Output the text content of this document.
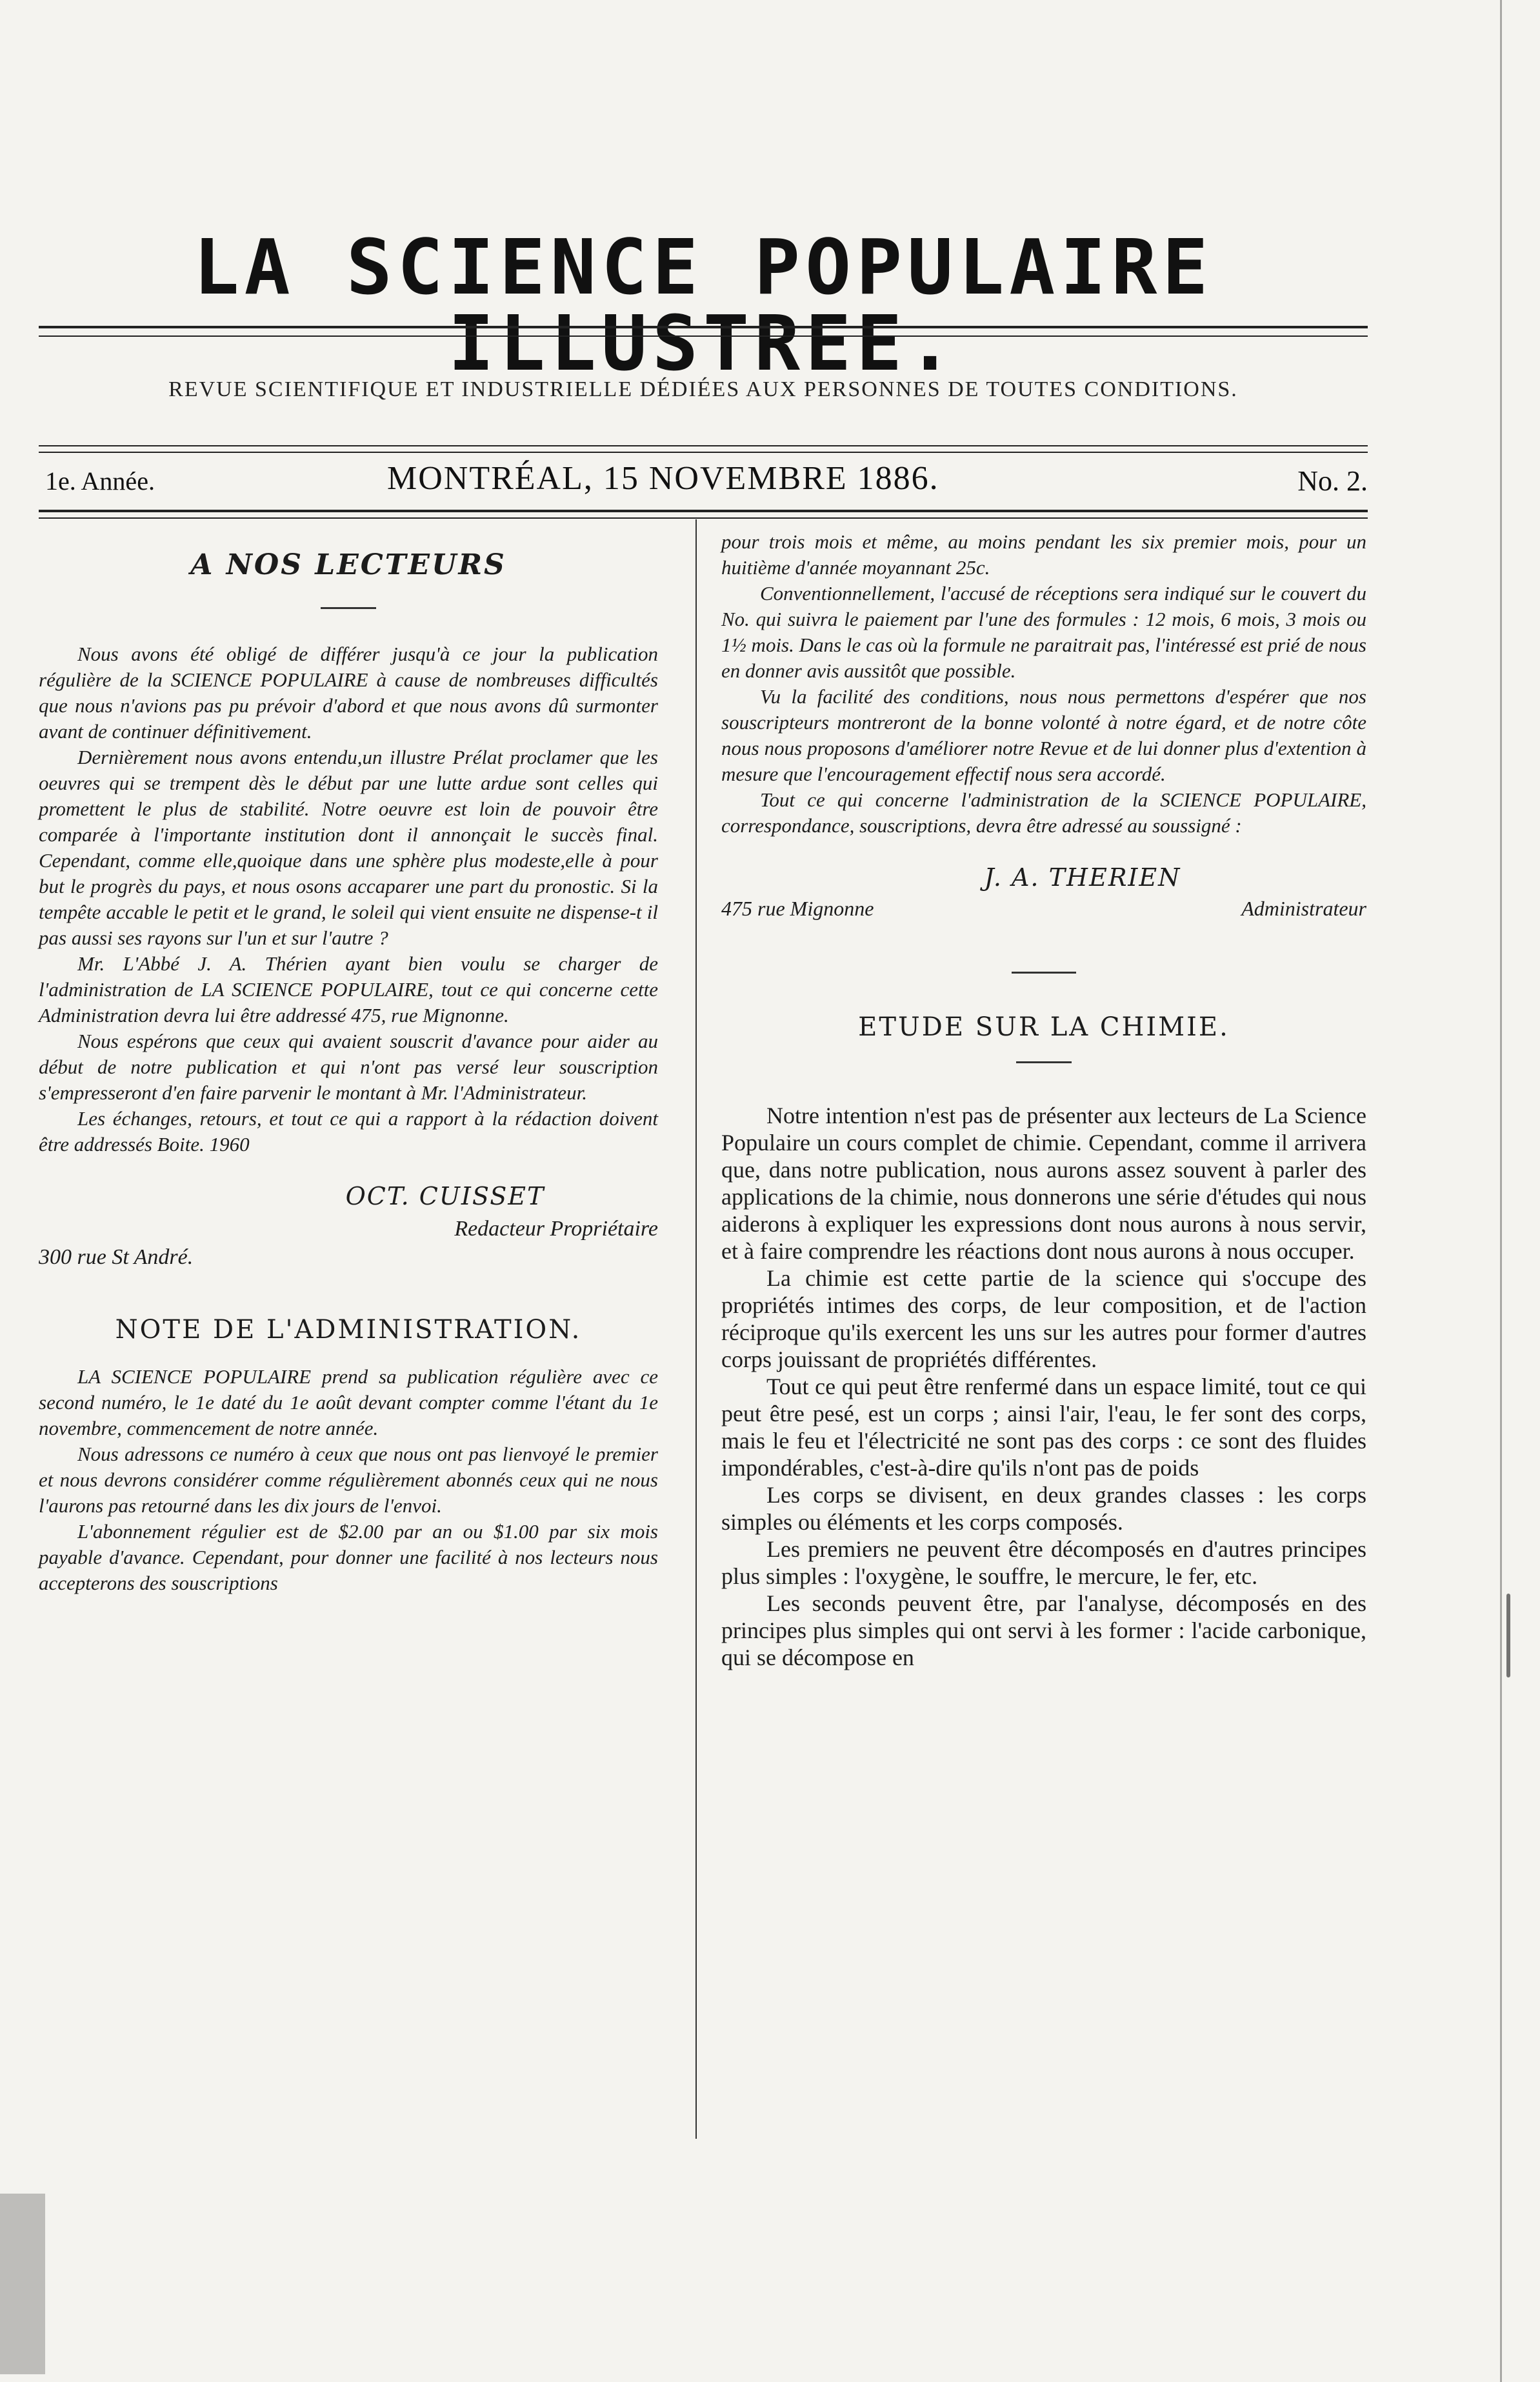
LA SCIENCE POPULAIRE ILLUSTREE.
REVUE SCIENTIFIQUE ET INDUSTRIELLE DÉDIÉES AUX PERSONNES DE TOUTES CONDITIONS.
1e. Année.	MONTRÉAL, 15 NOVEMBRE 1886.	No. 2.
A NOS LECTEURS

Nous avons été obligé de différer jusqu'à ce jour la publication régulière de la SCIENCE POPULAIRE à cause de nombreuses difficultés que nous n'avions pas pu prévoir d'abord et que nous avons dû surmonter avant de continuer définitivement.

Dernièrement nous avons entendu,un illustre Prélat proclamer que les oeuvres qui se trempent dès le début par une lutte ardue sont celles qui promettent le plus de stabilité. Notre oeuvre est loin de pouvoir être comparée à l'importante institution dont il annonçait le succès final. Cependant, comme elle,quoique dans une sphère plus modeste,elle à pour but le progrès du pays, et nous osons accaparer une part du pronostic. Si la tempête accable le petit et le grand, le soleil qui vient ensuite ne dispense-t il pas aussi ses rayons sur l'un et sur l'autre ?

Mr. L'Abbé J. A. Thérien ayant bien voulu se charger de l'administration de LA SCIENCE POPULAIRE, tout ce qui concerne cette Administration devra lui être addressé 475, rue Mignonne.

Nous espérons que ceux qui avaient souscrit d'avance pour aider au début de notre publication et qui n'ont pas versé leur souscription s'empresseront d'en faire parvenir le montant à Mr. l'Administrateur.

Les échanges, retours, et tout ce qui a rapport à la rédaction doivent être addressés Boite. 1960

OCT. CUISSET
Redacteur Propriétaire
300 rue St André.
NOTE DE L'ADMINISTRATION.

LA SCIENCE POPULAIRE prend sa publication régulière avec ce second numéro, le 1e daté du 1e août devant compter comme l'étant du 1e novembre, commencement de notre année.

Nous adressons ce numéro à ceux que nous ont pas lienvoyé le premier et nous devrons considérer comme régulièrement abonnés ceux qui ne nous l'aurons pas retourné dans les dix jours de l'envoi.

L'abonnement régulier est de $2.00 par an ou $1.00 par six mois payable d'avance. Cependant, pour donner une facilité à nos lecteurs nous accepterons des souscriptions

pour trois mois et même, au moins pendant les six premier mois, pour un huitième d'année moyannant 25c.

Conventionnellement, l'accusé de réceptions sera indiqué sur le couvert du No. qui suivra le paiement par l'une des formules : 12 mois, 6 mois, 3 mois ou 1½ mois. Dans le cas où la formule ne paraitrait pas, l'intéressé est prié de nous en donner avis aussitôt que possible.

Vu la facilité des conditions, nous nous permettons d'espérer que nos souscripteurs montreront de la bonne volonté à notre égard, et de notre côte nous nous proposons d'améliorer notre Revue et de lui donner plus d'extention à mesure que l'encouragement effectif nous sera accordé.

Tout ce qui concerne l'administration de la SCIENCE POPULAIRE, correspondance, souscriptions, devra être adressé au soussigné :

J. A. THERIEN
475 rue Mignonne	Administrateur
ETUDE SUR LA CHIMIE.

Notre intention n'est pas de présenter aux lecteurs de La Science Populaire un cours complet de chimie. Cependant, comme il arrivera que, dans notre publication, nous aurons assez souvent à parler des applications de la chimie, nous donnerons une série d'études qui nous aiderons à expliquer les expressions dont nous aurons à nous servir, et à faire comprendre les réactions dont nous aurons à nous occuper.

La chimie est cette partie de la science qui s'occupe des propriétés intimes des corps, de leur composition, et de l'action réciproque qu'ils exercent les uns sur les autres pour former d'autres corps jouissant de propriétés différentes.

Tout ce qui peut être renfermé dans un espace limité, tout ce qui peut être pesé, est un corps ; ainsi l'air, l'eau, le fer sont des corps, mais le feu et l'électricité ne sont pas des corps : ce sont des fluides impondérables, c'est-à-dire qu'ils n'ont pas de poids

Les corps se divisent, en deux grandes classes : les corps simples ou éléments et les corps composés.

Les premiers ne peuvent être décomposés en d'autres principes plus simples : l'oxygène, le souffre, le mercure, le fer, etc.

Les seconds peuvent être, par l'analyse, décomposés en des principes plus simples qui ont servi à les former : l'acide carbonique, qui se décompose en
